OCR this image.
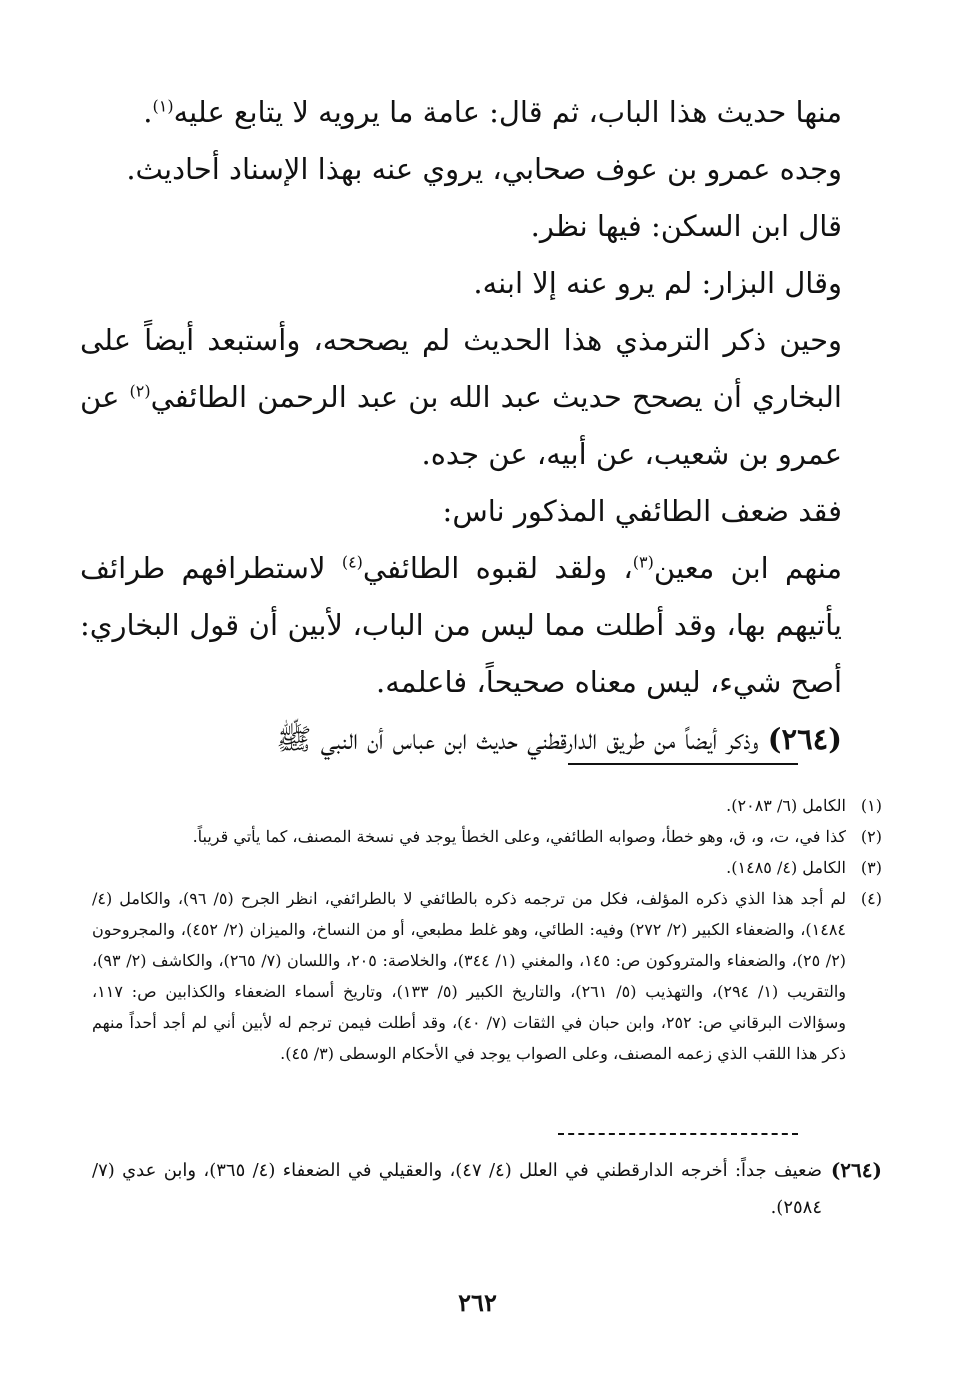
منها حديث هذا الباب، ثم قال: عامة ما يرويه لا يتابع عليه$^{(١)}$.

وجده عمرو بن عوف صحابي، يروي عنه بهذا الإسناد أحاديث.

قال ابن السكن: فيها نظر.

وقال البزار: لم يرو عنه إلا ابنه.

وحين ذكر الترمذي هذا الحديث لم يصححه، وأستبعد أيضاً على البخاري أن يصحح حديث عبد الله بن عبد الرحمن الطائفي$^{(٢)}$ عن عمرو بن شعيب، عن أبيه، عن جده.

فقد ضعف الطائفي المذكور ناس:

منهم ابن معين$^{(٣)}$، ولقد لقبوه الطائفي$^{(٤)}$ لاستطرافهم طرائف يأتيهم بها، وقد أطلت مما ليس من الباب، لأبين أن قول البخاري: أصح شيء، ليس معناه صحيحاً، فاعلمه.

(٢٦٤) وذكر أيضاً من طريق الدارقطني حديث ابن عباس أن النبي ﷺ

(١)
الكامل (٦/ ٢٠٨٣).
(٢)
كذا في، ت، و، ق، وهو خطأ، وصوابه الطائفي، وعلى الخطأ يوجد في نسخة المصنف، كما يأتي قريباً.
(٣)
الكامل (٤/ ١٤٨٥).
(٤)
لم أجد هذا الذي ذكره المؤلف، فكل من ترجمه ذكره بالطائفي لا بالطرائفي، انظر الجرح (٥/ ٩٦)، والكامل (٤/ ١٤٨٤)، والضعفاء الكبير (٢/ ٢٧٢) وفيه: الطائي، وهو غلط مطبعي، أو من النساخ، والميزان (٢/ ٤٥٢)، والمجروحون (٢/ ٢٥)، والضعفاء والمتروكون ص: ١٤٥، والمغني (١/ ٣٤٤)، والخلاصة: ٢٠٥، واللسان (٧/ ٢٦٥)، والكاشف (٢/ ٩٣)، والتقريب (١/ ٢٩٤)، والتهذيب (٥/ ٢٦١)، والتاريخ الكبير (٥/ ١٣٣)، وتاريخ أسماء الضعفاء والكذابين ص: ١١٧، وسؤالات البرقاني ص: ٢٥٢، وابن حبان في الثقات (٧/ ٤٠)، وقد أطلت فيمن ترجم له لأبين أني لم أجد أحداً منهم ذكر هذا اللقب الذي زعمه المصنف، وعلى الصواب يوجد في الأحكام الوسطى (٣/ ٤٥).
(٢٦٤)
ضعيف جداً: أخرجه الدارقطني في العلل (٤/ ٤٧)، والعقيلي في الضعفاء (٤/ ٣٦٥)، وابن عدي (٧/ ٢٥٨٤).
٢٦٢
